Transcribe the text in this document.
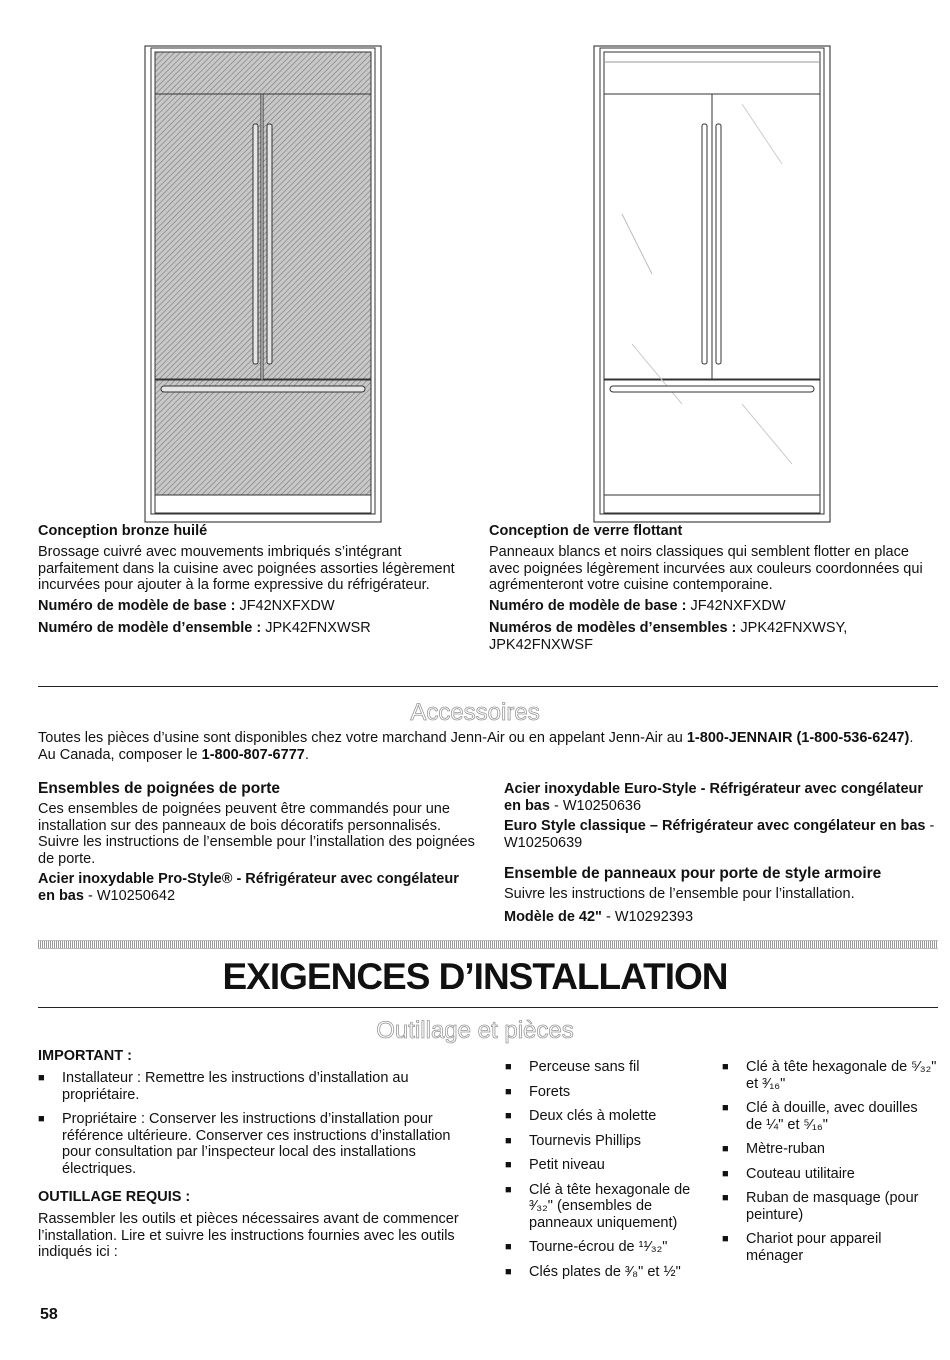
Conception bronze huilé

Brossage cuivré avec mouvements imbriqués s’intégrant parfaitement dans la cuisine avec poignées assorties légèrement incurvées pour ajouter à la forme expressive du réfrigérateur.

Numéro de modèle de base : JF42NXFXDW

Numéro de modèle d’ensemble : JPK42FNXWSR

Conception de verre flottant

Panneaux blancs et noirs classiques qui semblent flotter en place avec poignées légèrement incurvées aux couleurs coordonnées qui agrémenteront votre cuisine contemporaine.

Numéro de modèle de base : JF42NXFXDW

Numéros de modèles d’ensembles : JPK42FNXWSY, JPK42FNXWSF

Accessoires

Toutes les pièces d’usine sont disponibles chez votre marchand Jenn-Air ou en appelant Jenn-Air au 1-800-JENNAIR (1-800-536-6247). Au Canada, composer le 1-800-807-6777.

Ensembles de poignées de porte

Ces ensembles de poignées peuvent être commandés pour une installation sur des panneaux de bois décoratifs personnalisés. Suivre les instructions de l’ensemble pour l’installation des poignées de porte.

Acier inoxydable Pro-Style® - Réfrigérateur avec congélateur en bas - W10250642

Acier inoxydable Euro-Style - Réfrigérateur avec congélateur en bas - W10250636

Euro Style classique – Réfrigérateur avec congélateur en bas - W10250639

Ensemble de panneaux pour porte de style armoire

Suivre les instructions de l’ensemble pour l’installation.

Modèle de 42" - W10292393

EXIGENCES D’INSTALLATION
Outillage et pièces

IMPORTANT :

■ Installateur : Remettre les instructions d’installation au propriétaire.
■ Propriétaire : Conserver les instructions d’installation pour référence ultérieure. Conserver ces instructions d’installation pour consultation par l’inspecteur local des installations électriques.

OUTILLAGE REQUIS :

Rassembler les outils et pièces nécessaires avant de commencer l’installation. Lire et suivre les instructions fournies avec les outils indiqués ici :

■ Perceuse sans fil
■ Forets
■ Deux clés à molette
■ Tournevis Phillips
■ Petit niveau
■ Clé à tête hexagonale de ³⁄₃₂" (ensembles de panneaux uniquement)
■ Tourne-écrou de ¹¹⁄₃₂"
■ Clés plates de ³⁄₈" et ½"
■ Clé à tête hexagonale de ⁵⁄₃₂" et ³⁄₁₆"
■ Clé à douille, avec douilles de ¼" et ⁵⁄₁₆"
■ Mètre-ruban
■ Couteau utilitaire
■ Ruban de masquage (pour peinture)
■ Chariot pour appareil ménager
58
